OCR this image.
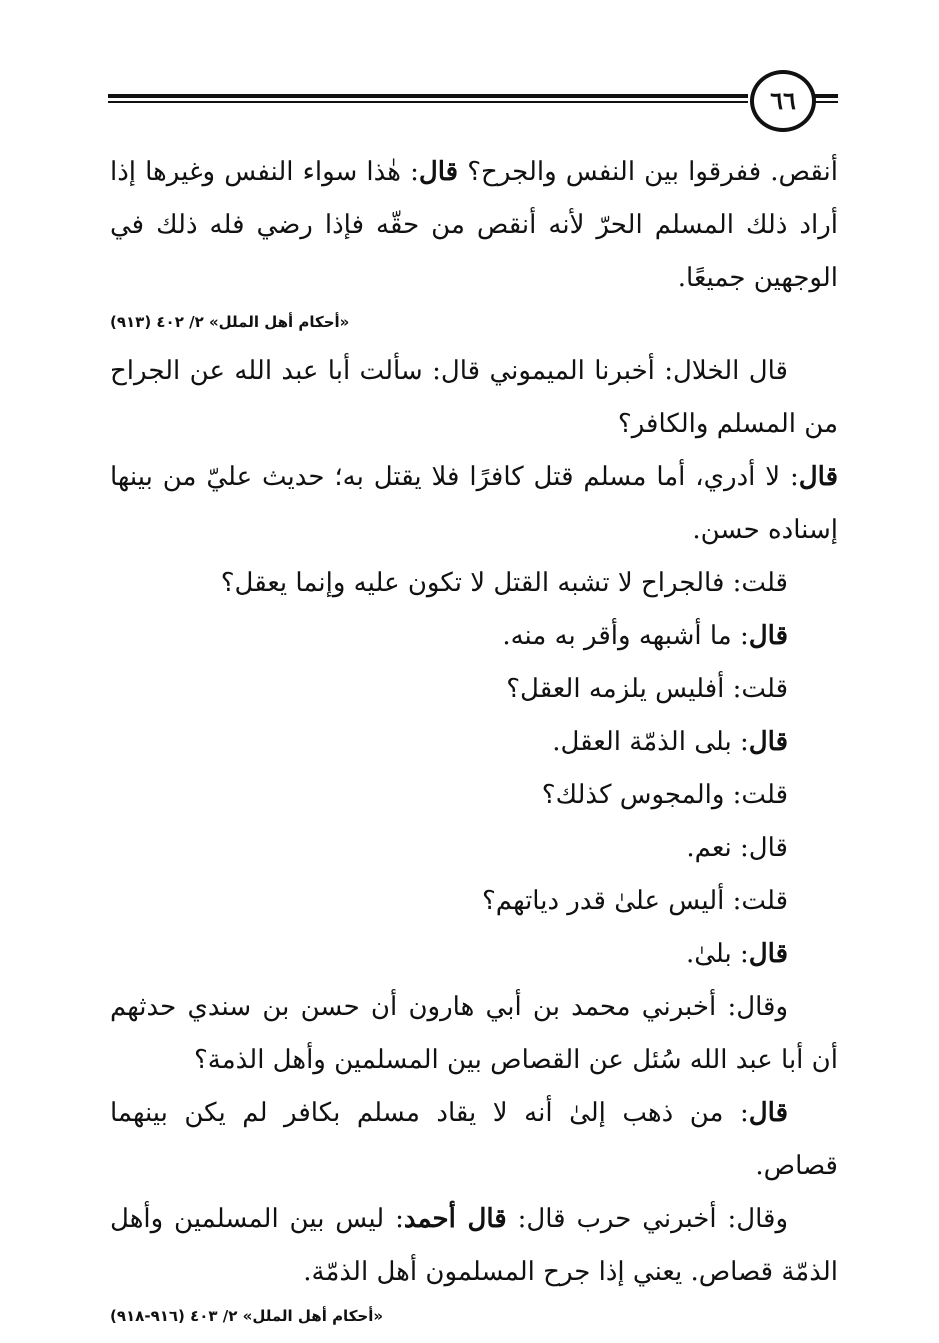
٦٦

أنقص. ففرقوا بين النفس والجرح؟ قال: هٰذا سواء النفس وغيرها إذا أراد ذلك المسلم الحرّ لأنه أنقص من حقّه فإذا رضي فله ذلك في الوجهين جميعًا.

«أحكام أهل الملل» ٢/ ٤٠٢ (٩١٣)

قال الخلال: أخبرنا الميموني قال: سألت أبا عبد الله عن الجراح من المسلم والكافر؟

قال: لا أدري، أما مسلم قتل كافرًا فلا يقتل به؛ حديث عليّ من بينها إسناده حسن.

قلت: فالجراح لا تشبه القتل لا تكون عليه وإنما يعقل؟

قال: ما أشبهه وأقر به منه.

قلت: أفليس يلزمه العقل؟

قال: بلى الذمّة العقل.

قلت: والمجوس كذلك؟

قال: نعم.

قلت: أليس علىٰ قدر دياتهم؟

قال: بلىٰ.

وقال: أخبرني محمد بن أبي هارون أن حسن بن سندي حدثهم أن أبا عبد الله سُئل عن القصاص بين المسلمين وأهل الذمة؟

قال: من ذهب إلىٰ أنه لا يقاد مسلم بكافر لم يكن بينهما قصاص.

وقال: أخبرني حرب قال: قال أحمد: ليس بين المسلمين وأهل الذمّة قصاص. يعني إذا جرح المسلمون أهل الذمّة.

«أحكام أهل الملل» ٢/ ٤٠٣ (٩١٦-٩١٨)
